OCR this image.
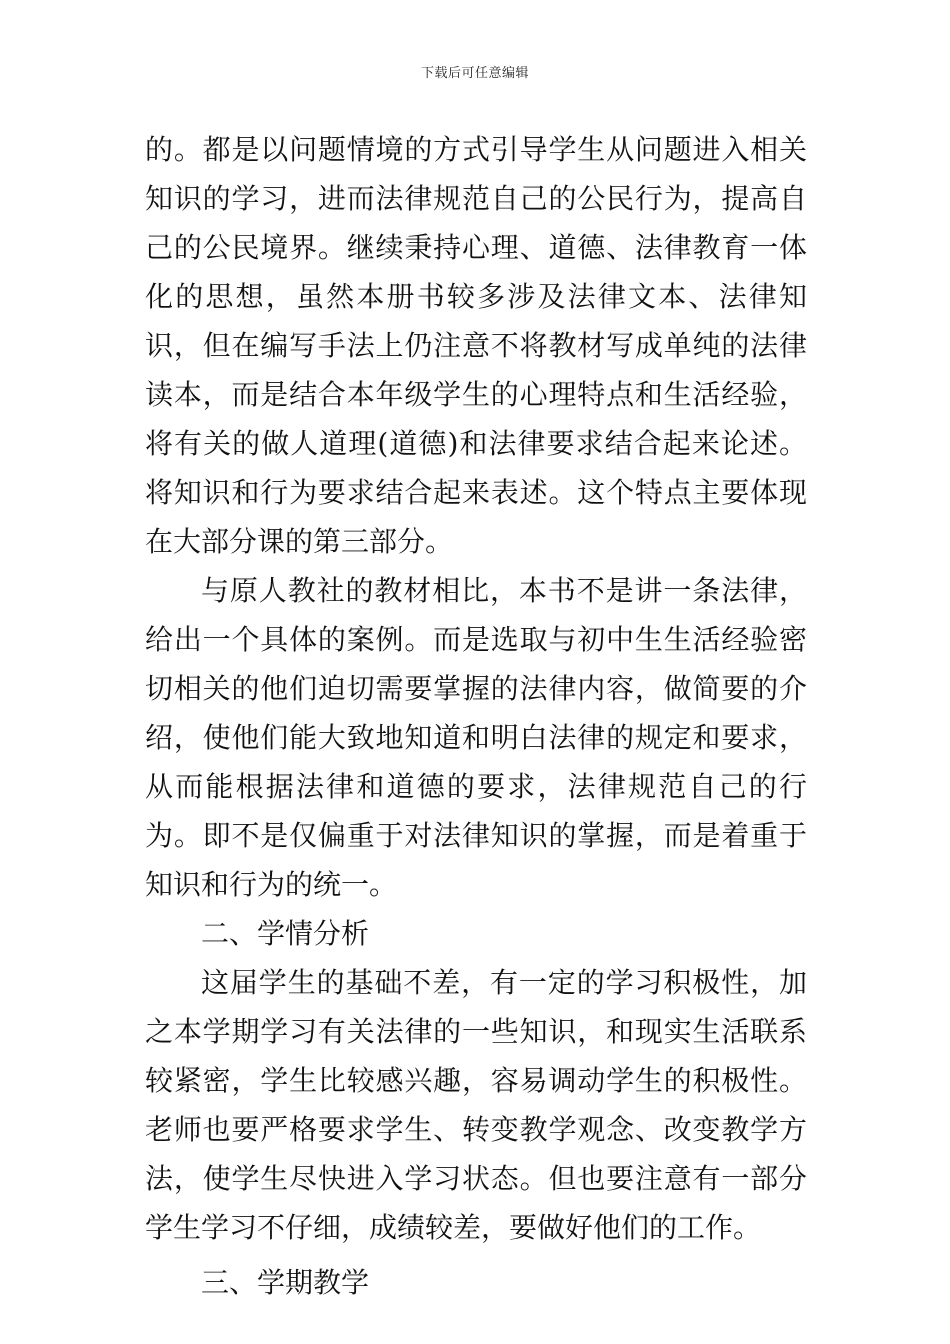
下载后可任意编辑

的。都是以问题情境的方式引导学生从问题进入相关知识的学习，进而法律规范自己的公民行为，提高自己的公民境界。继续秉持心理、道德、法律教育一体化的思想，虽然本册书较多涉及法律文本、法律知识，但在编写手法上仍注意不将教材写成单纯的法律读本，而是结合本年级学生的心理特点和生活经验，将有关的做人道理(道德)和法律要求结合起来论述。将知识和行为要求结合起来表述。这个特点主要体现在大部分课的第三部分。

与原人教社的教材相比，本书不是讲一条法律，给出一个具体的案例。而是选取与初中生生活经验密切相关的他们迫切需要掌握的法律内容，做简要的介绍，使他们能大致地知道和明白法律的规定和要求，从而能根据法律和道德的要求，法律规范自己的行为。即不是仅偏重于对法律知识的掌握，而是着重于知识和行为的统一。

二、学情分析

这届学生的基础不差，有一定的学习积极性，加之本学期学习有关法律的一些知识，和现实生活联系较紧密，学生比较感兴趣，容易调动学生的积极性。老师也要严格要求学生、转变教学观念、改变教学方法，使学生尽快进入学习状态。但也要注意有一部分学生学习不仔细，成绩较差，要做好他们的工作。

三、学期教学
